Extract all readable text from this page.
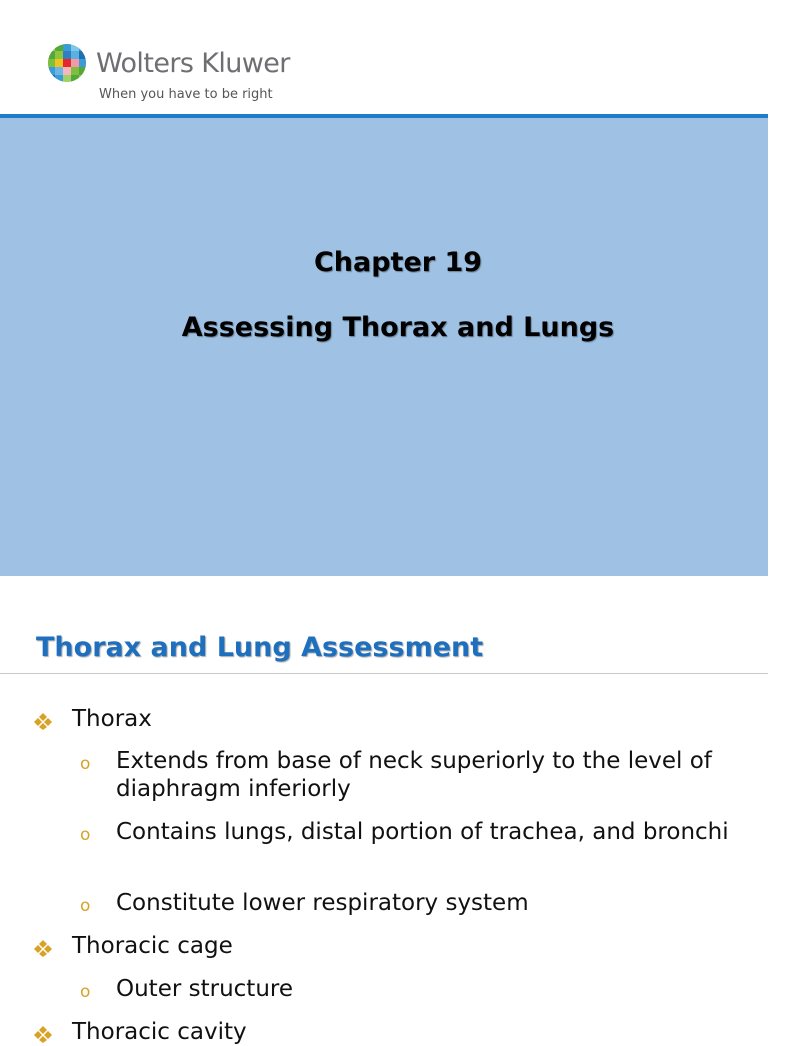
Wolters Kluwer
When you have to be right
Chapter 19
Assessing Thorax and Lungs
Thorax and Lung Assessment
Thorax
o Extends from base of neck superiorly to the level of diaphragm inferiorly
o Contains lungs, distal portion of trachea, and bronchi
o Constitute lower respiratory system
Thoracic cage
o Outer structure
Thoracic cavity
